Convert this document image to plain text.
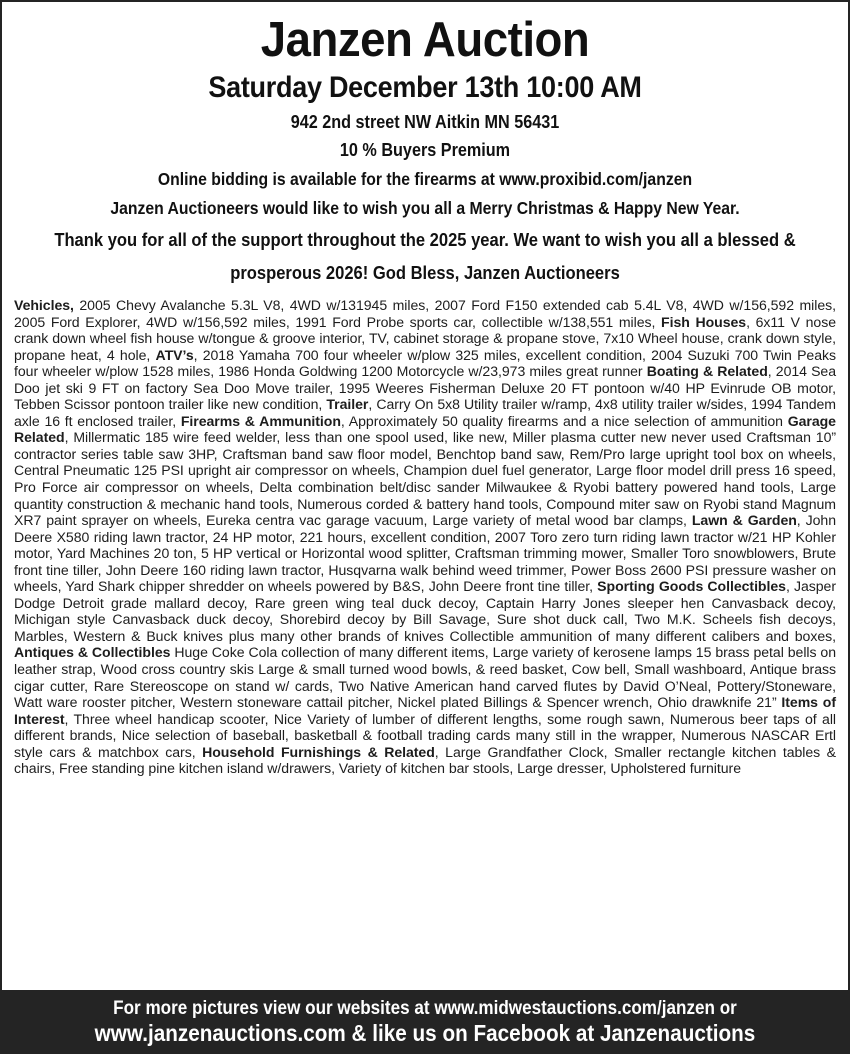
Janzen Auction
Saturday December 13th 10:00 AM
942 2nd street NW Aitkin MN 56431
10 % Buyers Premium
Online bidding is available for the firearms at www.proxibid.com/janzen
Janzen Auctioneers would like to wish you all a Merry Christmas & Happy New Year.
Thank you for all of the support throughout the 2025 year. We want to wish you all a blessed &
prosperous 2026! God Bless, Janzen Auctioneers
Vehicles, 2005 Chevy Avalanche 5.3L V8, 4WD w/131945 miles, 2007 Ford F150 extended cab 5.4L V8, 4WD w/156,592 miles, 2005 Ford Explorer, 4WD w/156,592 miles, 1991 Ford Probe sports car, collectible w/138,551 miles, Fish Houses, 6x11 V nose crank down wheel fish house w/tongue & groove interior, TV, cabinet storage & propane stove, 7x10 Wheel house, crank down style, propane heat, 4 hole, ATV’s, 2018 Yamaha 700 four wheeler w/plow 325 miles, excellent condition, 2004 Suzuki 700 Twin Peaks four wheeler w/plow 1528 miles, 1986 Honda Goldwing 1200 Motorcycle w/23,973 miles great runner Boating & Related, 2014 Sea Doo jet ski 9 FT on factory Sea Doo Move trailer, 1995 Weeres Fisherman Deluxe 20 FT pontoon w/40 HP Evinrude OB motor, Tebben Scissor pontoon trailer like new condition, Trailer, Carry On 5x8 Utility trailer w/ramp, 4x8 utility trailer w/sides, 1994 Tandem axle 16 ft enclosed trailer, Firearms & Ammunition, Approximately 50 quality firearms and a nice selection of ammunition Garage Related, Millermatic 185 wire feed welder, less than one spool used, like new, Miller plasma cutter new never used Craftsman 10” contractor series table saw 3HP, Craftsman band saw floor model, Benchtop band saw, Rem/Pro large upright tool box on wheels, Central Pneumatic 125 PSI upright air compressor on wheels, Champion duel fuel generator, Large floor model drill press 16 speed, Pro Force air compressor on wheels, Delta combination belt/disc sander Milwaukee & Ryobi battery powered hand tools, Large quantity construction & mechanic hand tools, Numerous corded & battery hand tools, Compound miter saw on Ryobi stand Magnum XR7 paint sprayer on wheels, Eureka centra vac garage vacuum, Large variety of metal wood bar clamps, Lawn & Garden, John Deere X580 riding lawn tractor, 24 HP motor, 221 hours, excellent condition, 2007 Toro zero turn riding lawn tractor w/21 HP Kohler motor, Yard Machines 20 ton, 5 HP vertical or Horizontal wood splitter, Craftsman trimming mower, Smaller Toro snowblowers, Brute front tine tiller, John Deere 160 riding lawn tractor, Husqvarna walk behind weed trimmer, Power Boss 2600 PSI pressure washer on wheels, Yard Shark chipper shredder on wheels powered by B&S, John Deere front tine tiller, Sporting Goods Collectibles, Jasper Dodge Detroit grade mallard decoy, Rare green wing teal duck decoy, Captain Harry Jones sleeper hen Canvasback decoy, Michigan style Canvasback duck decoy, Shorebird decoy by Bill Savage, Sure shot duck call, Two M.K. Scheels fish decoys, Marbles, Western & Buck knives plus many other brands of knives Collectible ammunition of many different calibers and boxes, Antiques & Collectibles Huge Coke Cola collection of many different items, Large variety of kerosene lamps 15 brass petal bells on leather strap, Wood cross country skis Large & small turned wood bowls, & reed basket, Cow bell, Small washboard, Antique brass cigar cutter, Rare Stereoscope on stand w/ cards, Two Native American hand carved flutes by David O’Neal, Pottery/Stoneware, Watt ware rooster pitcher, Western stoneware cattail pitcher, Nickel plated Billings & Spencer wrench, Ohio drawknife 21” Items of Interest, Three wheel handicap scooter, Nice Variety of lumber of different lengths, some rough sawn, Numerous beer taps of all different brands, Nice selection of baseball, basketball & football trading cards many still in the wrapper, Numerous NASCAR Ertl style cars & matchbox cars, Household Furnishings & Related, Large Grandfather Clock, Smaller rectangle kitchen tables & chairs, Free standing pine kitchen island w/drawers, Variety of kitchen bar stools, Large dresser, Upholstered furniture
For more pictures view our websites at www.midwestauctions.com/janzen or
www.janzenauctions.com & like us on Facebook at Janzenauctions
